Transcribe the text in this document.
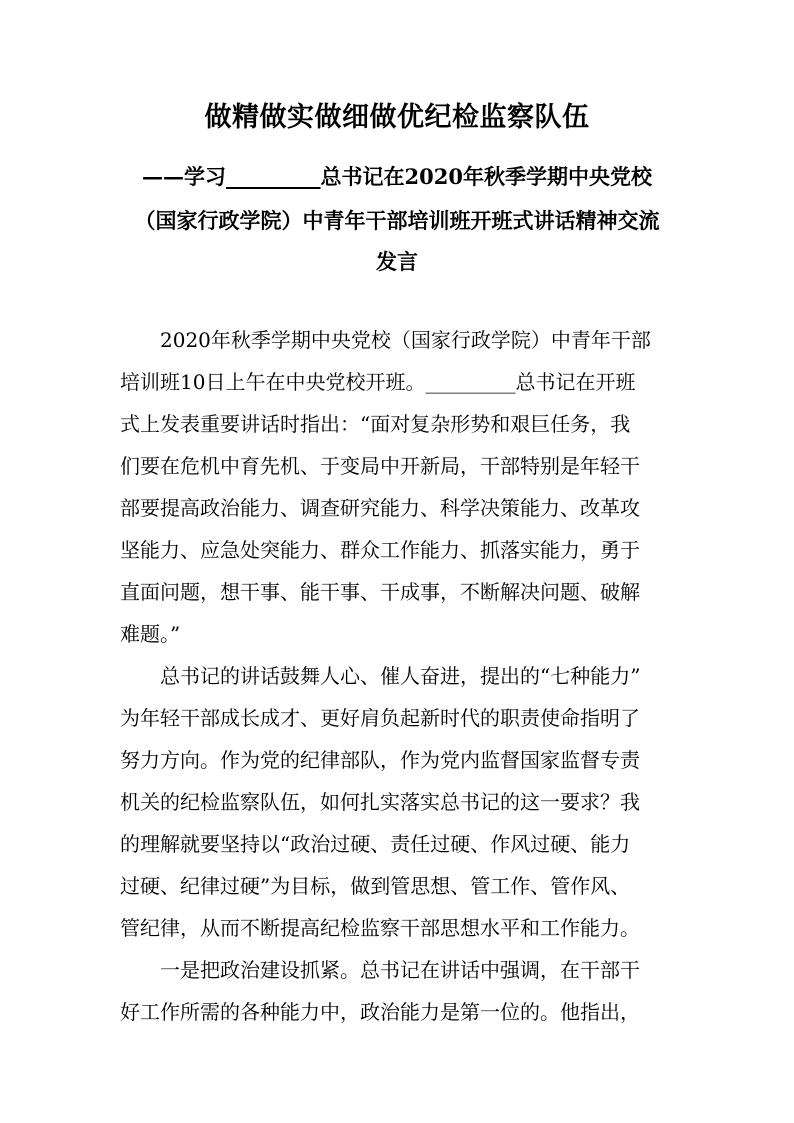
做精做实做细做优纪检监察队伍
——学习_________总书记在2020年秋季学期中央党校
（国家行政学院）中青年干部培训班开班式讲话精神交流
发言
2020年秋季学期中央党校（国家行政学院）中青年干部
培训班10日上午在中央党校开班。_________总书记在开班
式上发表重要讲话时指出：“面对复杂形势和艰巨任务，我
们要在危机中育先机、于变局中开新局，干部特别是年轻干
部要提高政治能力、调查研究能力、科学决策能力、改革攻
坚能力、应急处突能力、群众工作能力、抓落实能力，勇于
直面问题，想干事、能干事、干成事，不断解决问题、破解
难题。”
总书记的讲话鼓舞人心、催人奋进，提出的“七种能力”
为年轻干部成长成才、更好肩负起新时代的职责使命指明了
努力方向。作为党的纪律部队，作为党内监督国家监督专责
机关的纪检监察队伍，如何扎实落实总书记的这一要求？我
的理解就要坚持以“政治过硬、责任过硬、作风过硬、能力
过硬、纪律过硬”为目标，做到管思想、管工作、管作风、
管纪律，从而不断提高纪检监察干部思想水平和工作能力。
一是把政治建设抓紧。总书记在讲话中强调，在干部干
好工作所需的各种能力中，政治能力是第一位的。他指出，
